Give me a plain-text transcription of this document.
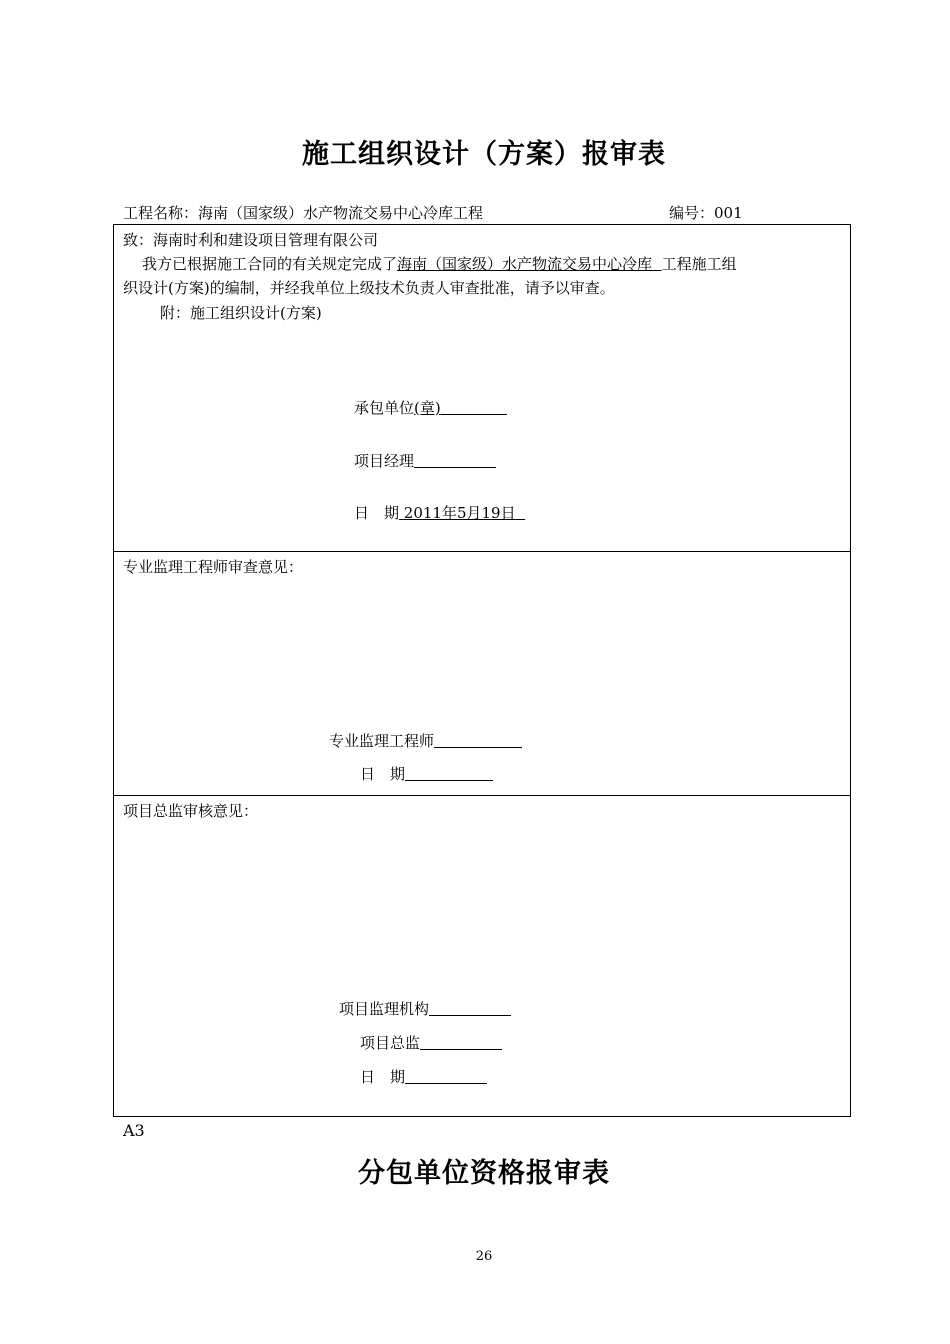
施工组织设计（方案）报审表
工程名称：海南（国家级）水产物流交易中心冷库工程	编号：001
致：海南时利和建设项目管理有限公司
我方已根据施工合同的有关规定完成了海南（国家级）水产物流交易中心冷库 工程施工组
织设计(方案)的编制，并经我单位上级技术负责人审查批准，请予以审查。
附：施工组织设计(方案)
承包单位(章)
项目经理
日　期 2011年5月19日
专业监理工程师审查意见：
专业监理工程师
日　期
项目总监审核意见：
项目监理机构
项目总监
日　期
A3
分包单位资格报审表
26
